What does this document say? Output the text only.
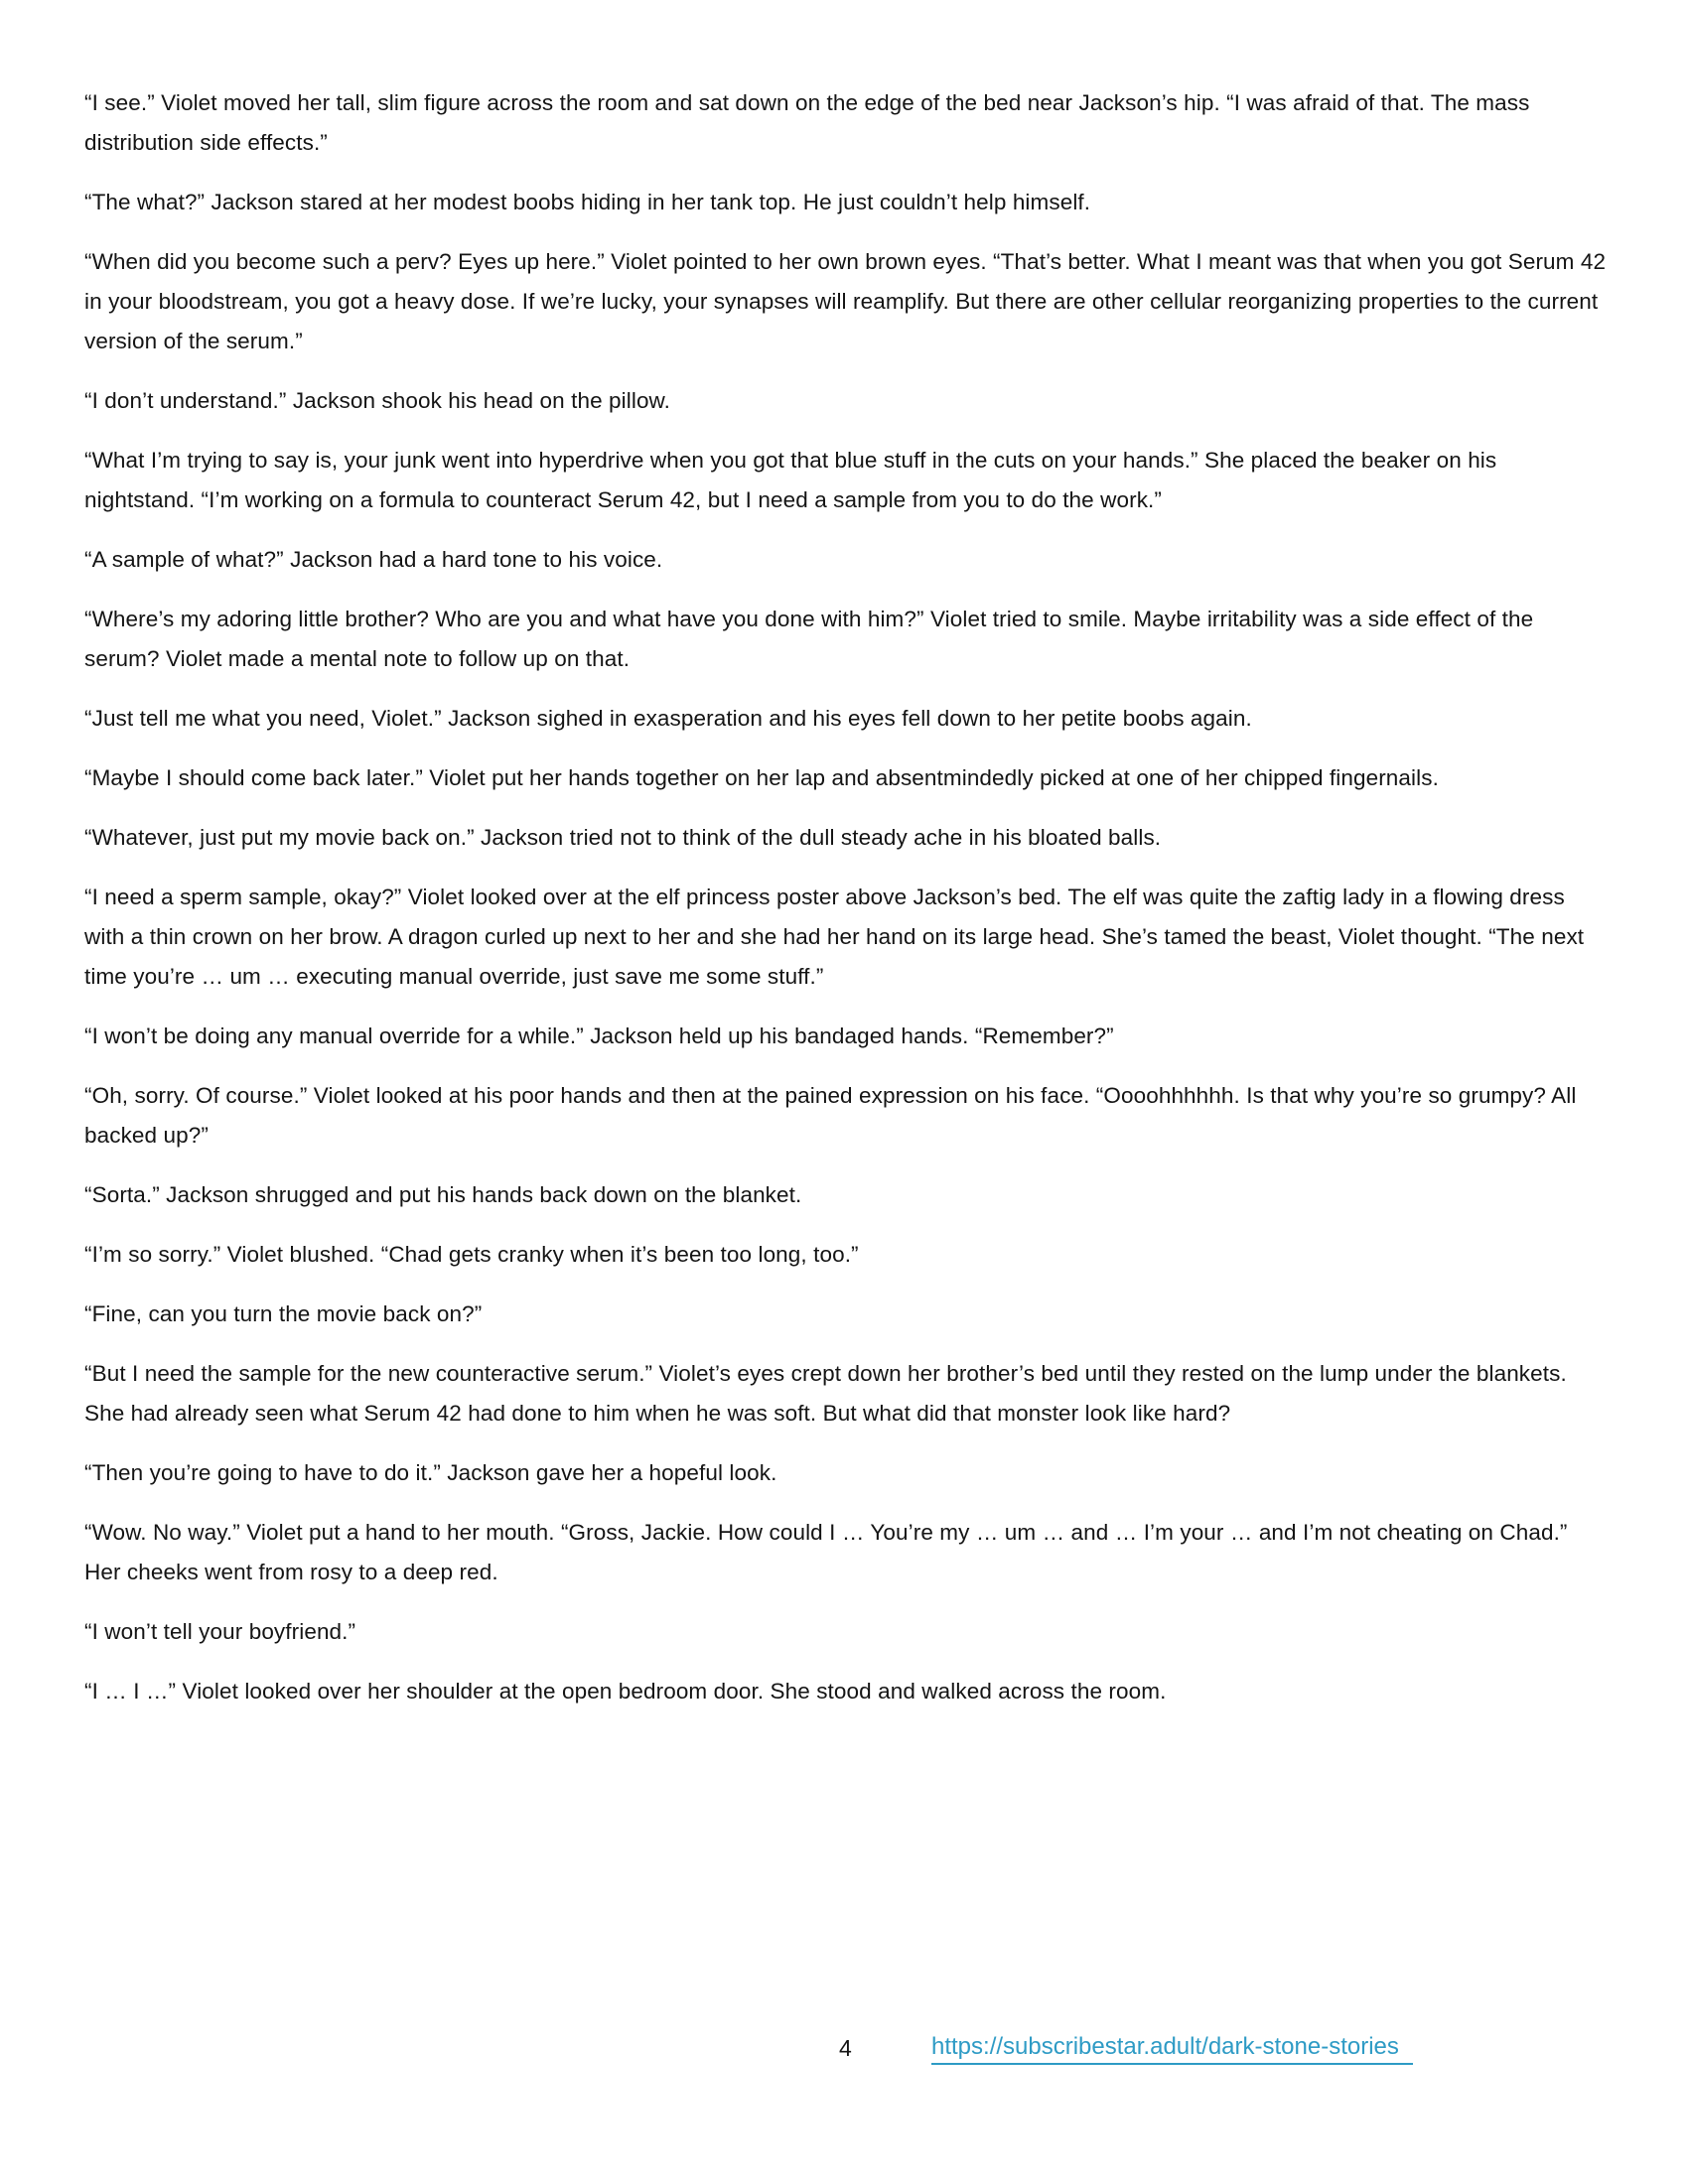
“I see.” Violet moved her tall, slim figure across the room and sat down on the edge of the bed near Jackson’s hip. “I was afraid of that. The mass distribution side effects.”

“The what?” Jackson stared at her modest boobs hiding in her tank top. He just couldn’t help himself.

“When did you become such a perv? Eyes up here.” Violet pointed to her own brown eyes. “That’s better. What I meant was that when you got Serum 42 in your bloodstream, you got a heavy dose. If we’re lucky, your synapses will reamplify. But there are other cellular reorganizing properties to the current version of the serum.”

“I don’t understand.” Jackson shook his head on the pillow.

“What I’m trying to say is, your junk went into hyperdrive when you got that blue stuff in the cuts on your hands.” She placed the beaker on his nightstand. “I’m working on a formula to counteract Serum 42, but I need a sample from you to do the work.”

“A sample of what?” Jackson had a hard tone to his voice.

“Where’s my adoring little brother? Who are you and what have you done with him?” Violet tried to smile. Maybe irritability was a side effect of the serum? Violet made a mental note to follow up on that.

“Just tell me what you need, Violet.” Jackson sighed in exasperation and his eyes fell down to her petite boobs again.

“Maybe I should come back later.” Violet put her hands together on her lap and absentmindedly picked at one of her chipped fingernails.

“Whatever, just put my movie back on.” Jackson tried not to think of the dull steady ache in his bloated balls.

“I need a sperm sample, okay?” Violet looked over at the elf princess poster above Jackson’s bed. The elf was quite the zaftig lady in a flowing dress with a thin crown on her brow. A dragon curled up next to her and she had her hand on its large head. She’s tamed the beast, Violet thought. “The next time you’re … um … executing manual override, just save me some stuff.”

“I won’t be doing any manual override for a while.” Jackson held up his bandaged hands. “Remember?”

“Oh, sorry. Of course.” Violet looked at his poor hands and then at the pained expression on his face. “Oooohhhhhh. Is that why you’re so grumpy? All backed up?”

“Sorta.” Jackson shrugged and put his hands back down on the blanket.

“I’m so sorry.” Violet blushed. “Chad gets cranky when it’s been too long, too.”

“Fine, can you turn the movie back on?”

“But I need the sample for the new counteractive serum.” Violet’s eyes crept down her brother’s bed until they rested on the lump under the blankets. She had already seen what Serum 42 had done to him when he was soft. But what did that monster look like hard?

“Then you’re going to have to do it.” Jackson gave her a hopeful look.

“Wow. No way.” Violet put a hand to her mouth. “Gross, Jackie. How could I … You’re my … um … and … I’m your … and I’m not cheating on Chad.” Her cheeks went from rosy to a deep red.

“I won’t tell your boyfriend.”

“I … I …” Violet looked over her shoulder at the open bedroom door. She stood and walked across the room.

4	https://subscribestar.adult/dark-stone-stories
